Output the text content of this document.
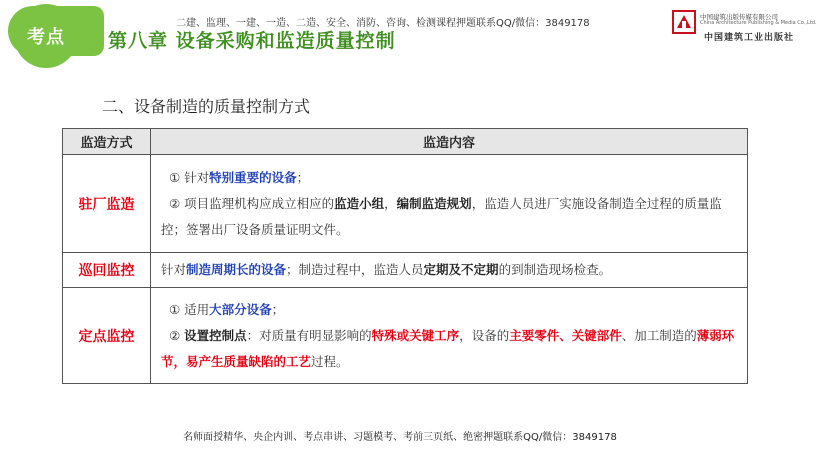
考点
二建、监理、一建、一造、二造、安全、消防、咨询、检测课程押题联系QQ/微信：3849178
第八章 设备采购和监造质量控制
中国建筑出版传媒有限公司
China Architecture Publishing & Media Co.,Ltd.
中国建筑工业出版社
二、设备制造的质量控制方式
监造方式	监造内容
驻厂监造	① 针对特别重要的设备；
② 项目监理机构应成立相应的监造小组，编制监造规划，监造人员进厂实施设备制造全过程的质量监控；签署出厂设备质量证明文件。

巡回监控	针对制造周期长的设备；制造过程中，监造人员定期及不定期的到制造现场检查。
定点监控	① 适用大部分设备；
② 设置控制点：对质量有明显影响的特殊或关键工序，设备的主要零件、关键部件、加工制造的薄弱环节，易产生质量缺陷的工艺过程。
名师面授精华、央企内训、考点串讲、习题模考、考前三页纸、绝密押题联系QQ/微信：3849178
